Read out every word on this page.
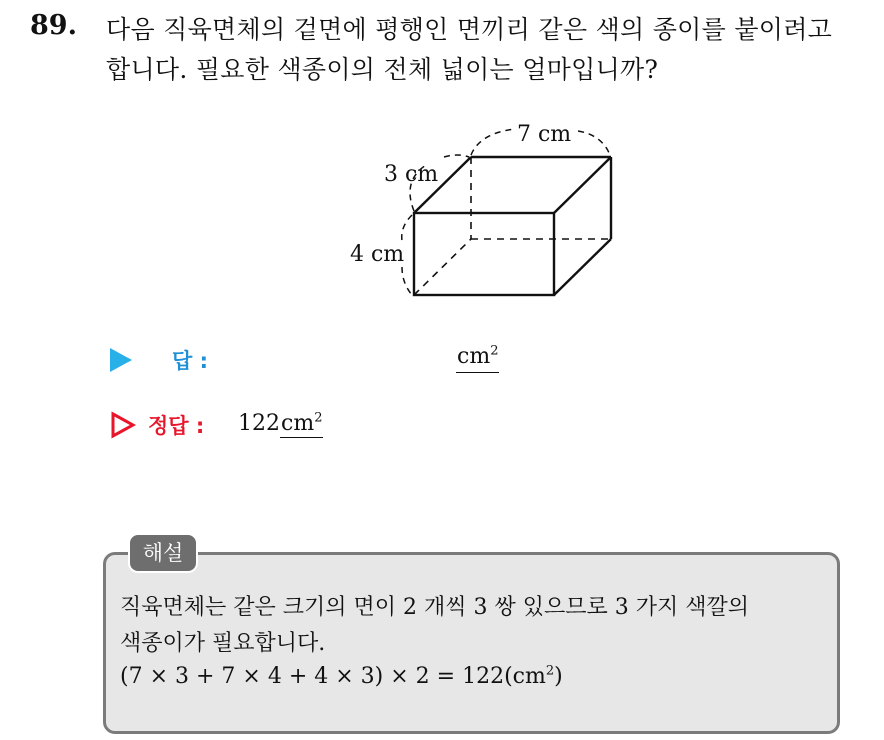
89. 다음 직육면체의 겉면에 평행인 면끼리 같은 색의 종이를 붙이려고
합니다. 필요한 색종이의 전체 넓이는 얼마입니까?
7 cm
3 cm
4 cm
답 :	$cm^2$
정답 : $122cm^2$
해설
직육면체는 같은 크기의 면이 2 개씩 3 쌍 있으므로 3 가지 색깔의
색종이가 필요합니다.
$(7 \times 3 + 7 \times 4 + 4 \times 3) \times 2 = 122(cm^2)$
